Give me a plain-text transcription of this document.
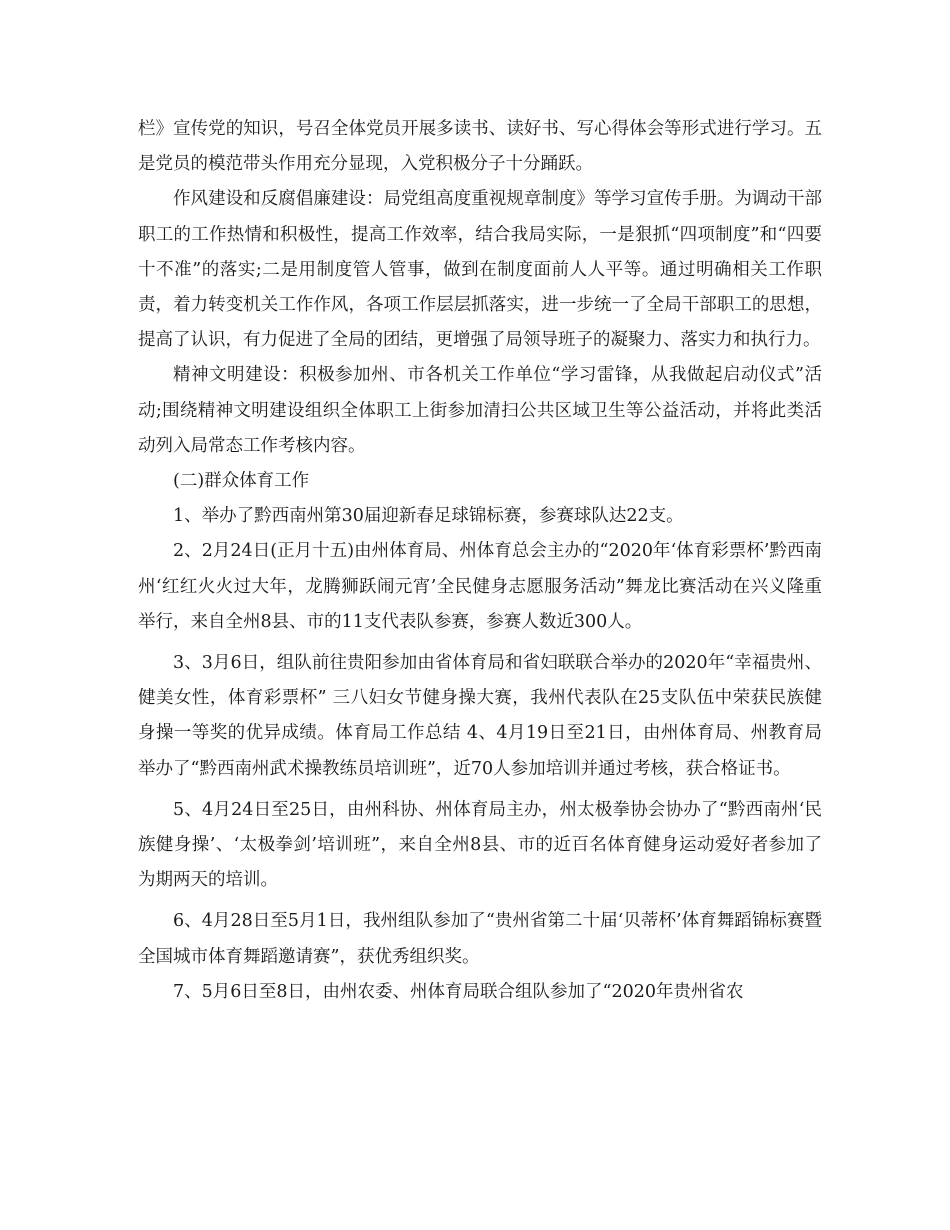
栏》宣传党的知识，号召全体党员开展多读书、读好书、写心得体会等形式进行学习。五是党员的模范带头作用充分显现，入党积极分子十分踊跃。

作风建设和反腐倡廉建设：局党组高度重视规章制度》等学习宣传手册。为调动干部职工的工作热情和积极性，提高工作效率，结合我局实际，一是狠抓“四项制度”和“四要十不准”的落实;二是用制度管人管事，做到在制度面前人人平等。通过明确相关工作职责，着力转变机关工作作风，各项工作层层抓落实，进一步统一了全局干部职工的思想，提高了认识，有力促进了全局的团结，更增强了局领导班子的凝聚力、落实力和执行力。

精神文明建设：积极参加州、市各机关工作单位“学习雷锋，从我做起启动仪式”活动;围绕精神文明建设组织全体职工上街参加清扫公共区域卫生等公益活动，并将此类活动列入局常态工作考核内容。

(二)群众体育工作

1、举办了黔西南州第30届迎新春足球锦标赛，参赛球队达22支。

2、2月24日(正月十五)由州体育局、州体育总会主办的“2020年‘体育彩票杯’黔西南州‘红红火火过大年，龙腾狮跃闹元宵’全民健身志愿服务活动”舞龙比赛活动在兴义隆重举行，来自全州8县、市的11支代表队参赛，参赛人数近300人。

3、3月6日，组队前往贵阳参加由省体育局和省妇联联合举办的2020年“幸福贵州、健美女性，体育彩票杯” 三八妇女节健身操大赛，我州代表队在25支队伍中荣获民族健身操一等奖的优异成绩。体育局工作总结 4、4月19日至21日，由州体育局、州教育局举办了“黔西南州武术操教练员培训班”，近70人参加培训并通过考核，获合格证书。

5、4月24日至25日，由州科协、州体育局主办，州太极拳协会协办了“黔西南州‘民族健身操’、‘太极拳剑’培训班”，来自全州8县、市的近百名体育健身运动爱好者参加了为期两天的培训。

6、4月28日至5月1日，我州组队参加了“贵州省第二十届‘贝蒂杯’体育舞蹈锦标赛暨全国城市体育舞蹈邀请赛”，获优秀组织奖。

7、5月6日至8日，由州农委、州体育局联合组队参加了“2020年贵州省农
